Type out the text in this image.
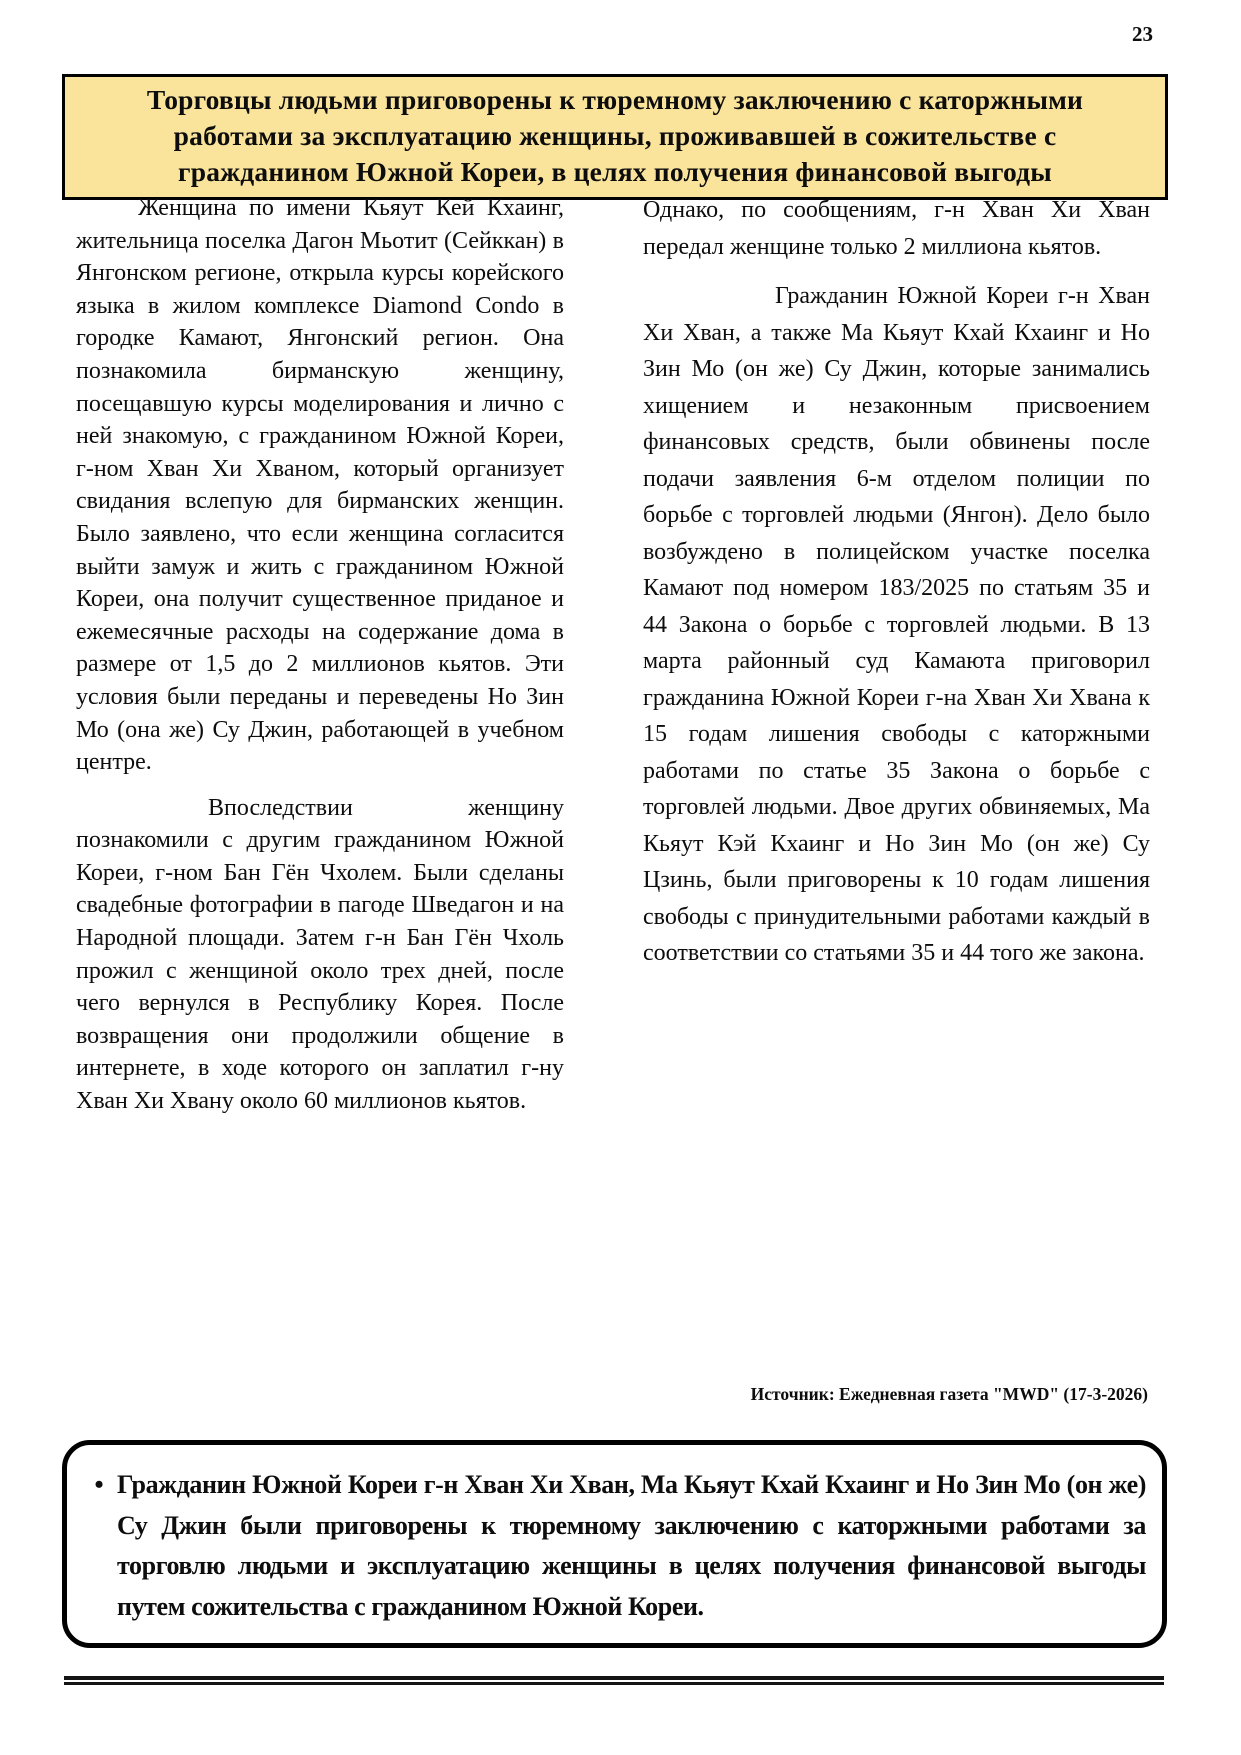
23
Торговцы людьми приговорены к тюремному заключению с каторжными работами за эксплуатацию женщины, проживавшей в сожительстве с гражданином Южной Кореи, в целях получения финансовой выгоды

Женщина по имени Кьяут Кей Кхаинг, жительница поселка Дагон Мьотит (Сейккан) в Янгонском регионе, открыла курсы корейского языка в жилом комплексе Diamond Condo в городке Камают, Янгонский регион. Она познакомила бирманскую женщину, посещавшую курсы моделирования и лично с ней знакомую, с гражданином Южной Кореи, г-ном Хван Хи Хваном, который организует свидания вслепую для бирманских женщин. Было заявлено, что если женщина согласится выйти замуж и жить с гражданином Южной Кореи, она получит существенное приданое и ежемесячные расходы на содержание дома в размере от 1,5 до 2 миллионов кьятов. Эти условия были переданы и переведены Но Зин Мо (она же) Су Джин, работающей в учебном центре.

Впоследствии женщину познакомили с другим гражданином Южной Кореи, г-ном Бан Гён Чхолем. Были сделаны свадебные фотографии в пагоде Шведагон и на Народной площади. Затем г-н Бан Гён Чхоль прожил с женщиной около трех дней, после чего вернулся в Республику Корея. После возвращения они продолжили общение в интернете, в ходе которого он заплатил г-ну Хван Хи Хвану около 60 миллионов кьятов.

Однако, по сообщениям, г-н Хван Хи Хван передал женщине только 2 миллиона кьятов.

Гражданин Южной Кореи г-н Хван Хи Хван, а также Ма Кьяут Кхай Кхаинг и Но Зин Мо (он же) Су Джин, которые занимались хищением и незаконным присвоением финансовых средств, были обвинены после подачи заявления 6-м отделом полиции по борьбе с торговлей людьми (Янгон). Дело было возбуждено в полицейском участке поселка Камают под номером 183/2025 по статьям 35 и 44 Закона о борьбе с торговлей людьми. В 13 марта районный суд Камаюта приговорил гражданина Южной Кореи г-на Хван Хи Хвана к 15 годам лишения свободы с каторжными работами по статье 35 Закона о борьбе с торговлей людьми. Двое других обвиняемых, Ма Кьяут Кэй Кхаинг и Но Зин Мо (он же) Су Цзинь, были приговорены к 10 годам лишения свободы с принудительными работами каждый в соответствии со статьями 35 и 44 того же закона.

Источник: Ежедневная газета "MWD" (17-3-2026)
• Гражданин Южной Кореи г-н Хван Хи Хван, Ма Кьяут Кхай Кхаинг и Но Зин Мо (он же) Су Джин были приговорены к тюремному заключению с каторжными работами за торговлю людьми и эксплуатацию женщины в целях получения финансовой выгоды путем сожительства с гражданином Южной Кореи.
